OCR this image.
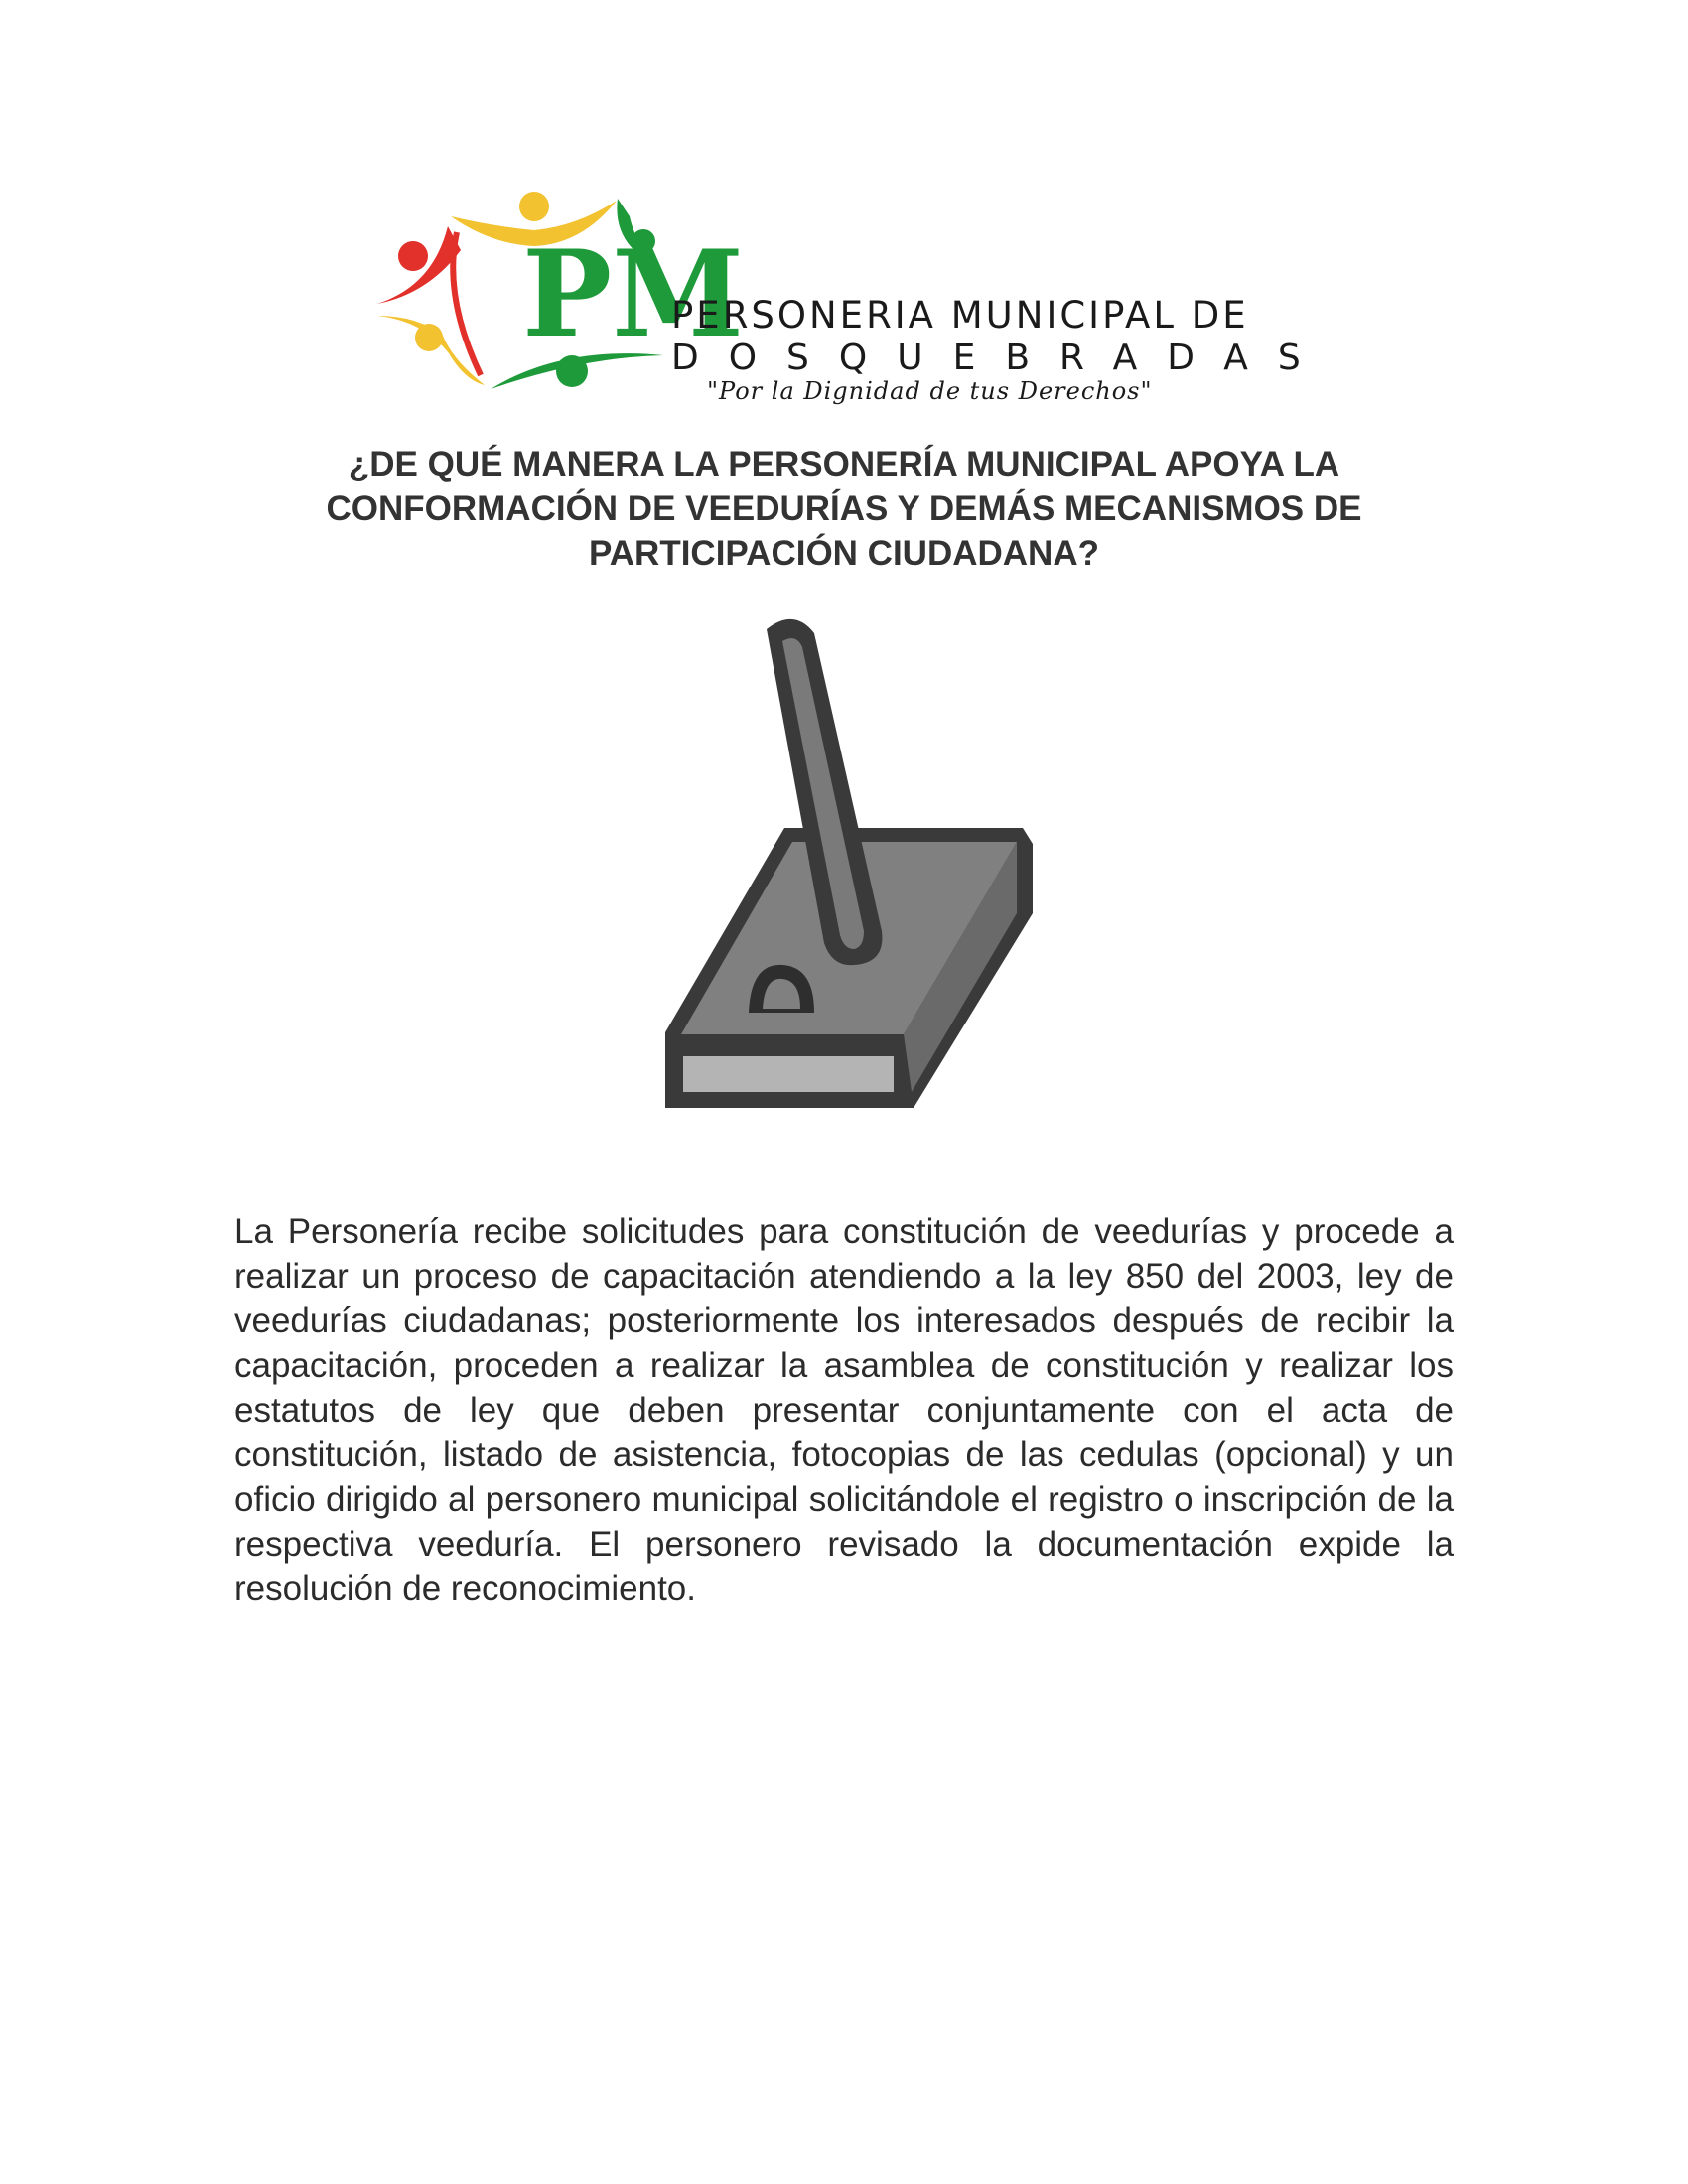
PM
PERSONERIA MUNICIPAL DE
DOSQUEBRADAS
"Por la Dignidad de tus Derechos"
¿DE QUÉ MANERA LA PERSONERÍA MUNICIPAL APOYA LA
CONFORMACIÓN DE VEEDURÍAS Y DEMÁS MECANISMOS DE
PARTICIPACIÓN CIUDADANA?

La Personería recibe solicitudes para constitución de veedurías y procede a realizar un proceso de capacitación atendiendo a la ley 850 del 2003, ley de veedurías ciudadanas; posteriormente los interesados después de recibir la capacitación, proceden a realizar la asamblea de constitución y realizar los estatutos de ley que deben presentar conjuntamente con el acta de constitución, listado de asistencia, fotocopias de las cedulas (opcional) y un oficio dirigido al personero municipal solicitándole el registro o inscripción de la respectiva veeduría. El personero revisado la documentación expide la resolución de reconocimiento.
